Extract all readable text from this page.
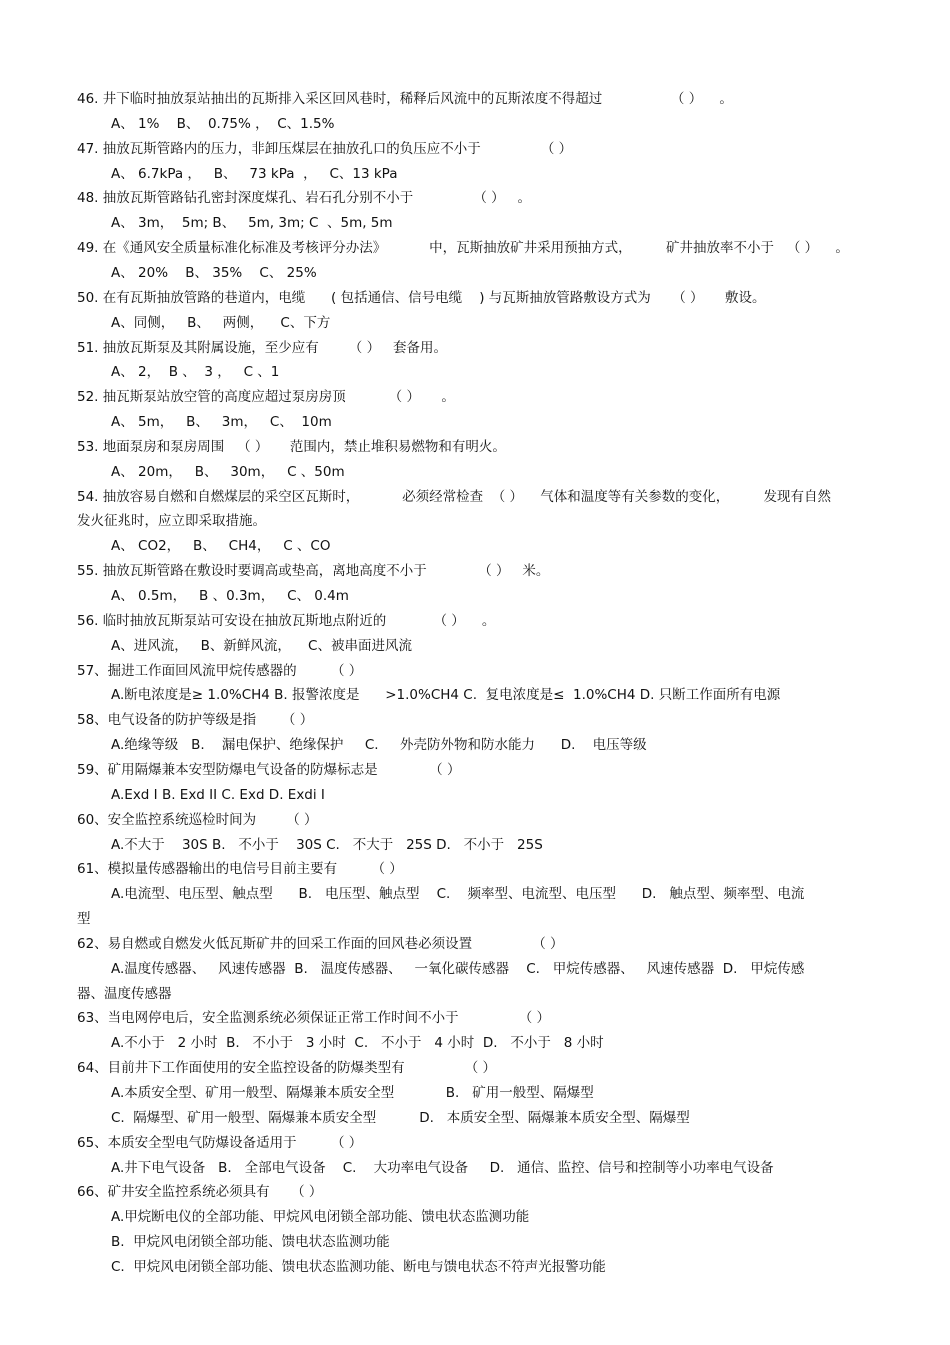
46. 井下临时抽放泵站抽出的瓦斯排入采区回风巷时，稀释后风流中的瓦斯浓度不得超过                （ ）    。
A、 1%    B、  0.75% ，  C、1.5%
47. 抽放瓦斯管路内的压力，非卸压煤层在抽放孔口的负压应不小于              （ ）
A、 6.7kPa ，   B、   73 kPa  ，   C、13 kPa
48. 抽放瓦斯管路钻孔密封深度煤孔、岩石孔分别不小于              （ ）   。
A、 3m，  5m; B、   5m, 3m; C  、5m, 5m
49. 在《通风安全质量标准化标准及考核评分办法》          中，瓦斯抽放矿井采用预抽方式，        矿井抽放率不小于   （ ）    。
A、 20%    B、 35%    C、 25%
50. 在有瓦斯抽放管路的巷道内，电缆      ( 包括通信、信号电缆    ) 与瓦斯抽放管路敷设方式为     （ ）     敷设。
A、同侧，   B、   两侧，    C、下方
51. 抽放瓦斯泵及其附属设施，至少应有       （ ）   套备用。
A、 2，  B 、  3 ，   C 、1
52. 抽瓦斯泵站放空管的高度应超过泵房房顶          （ ）     。
A、 5m，   B、   3m，   C、  10m
53. 地面泵房和泵房周围   （ ）     范围内，禁止堆积易燃物和有明火。
A、 20m，   B、   30m，   C 、50m
54. 抽放容易自燃和自燃煤层的采空区瓦斯时，          必须经常检查  （ ）    气体和温度等有关参数的变化，        发现有自然
发火征兆时，应立即采取措施。
A、 CO2，   B、   CH4，   C 、CO
55. 抽放瓦斯管路在敷设时要调高或垫高，离地高度不小于            （ ）   米。
A、 0.5m，   B 、0.3m，   C、 0.4m
56. 临时抽放瓦斯泵站可安设在抽放瓦斯地点附近的           （ ）    。
A、进风流，   B、新鲜风流，    C、被串面进风流
57、掘进工作面回风流甲烷传感器的        （ ）
A.断电浓度是≥ 1.0%CH4 B. 报警浓度是      >1.0%CH4 C.  复电浓度是≤  1.0%CH4 D. 只断工作面所有电源
58、电气设备的防护等级是指      （ ）
A.绝缘等级   B.    漏电保护、绝缘保护     C.     外壳防外物和防水能力      D.    电压等级
59、矿用隔爆兼本安型防爆电气设备的防爆标志是            （ ）
A.Exd I B. Exd II C. Exd D. Exdi I
60、安全监控系统巡检时间为       （ ）
A.不大于    30S B.   不小于    30S C.   不大于   25S D.   不小于   25S
61、模拟量传感器输出的电信号目前主要有        （ ）
A.电流型、电压型、触点型      B.   电压型、触点型    C.    频率型、电流型、电压型      D.   触点型、频率型、电流
型
62、易自燃或自燃发火低瓦斯矿井的回采工作面的回风巷必须设置              （ ）
A.温度传感器、   风速传感器  B.   温度传感器、   一氧化碳传感器    C.   甲烷传感器、   风速传感器  D.   甲烷传感
器、温度传感器
63、当电网停电后，安全监测系统必须保证正常工作时间不小于              （ ）
A.不小于   2 小时  B.   不小于   3 小时  C.   不小于   4 小时  D.   不小于   8 小时
64、目前井下工作面使用的安全监控设备的防爆类型有              （ ）
A.本质安全型、矿用一般型、隔爆兼本质安全型            B.   矿用一般型、隔爆型
C.  隔爆型、矿用一般型、隔爆兼本质安全型          D.   本质安全型、隔爆兼本质安全型、隔爆型
65、本质安全型电气防爆设备适用于        （ ）
A.井下电气设备   B.   全部电气设备    C.    大功率电气设备     D.   通信、监控、信号和控制等小功率电气设备
66、矿井安全监控系统必须具有     （ ）
A.甲烷断电仪的全部功能、甲烷风电闭锁全部功能、馈电状态监测功能
B.  甲烷风电闭锁全部功能、馈电状态监测功能
C.  甲烷风电闭锁全部功能、馈电状态监测功能、断电与馈电状态不符声光报警功能
